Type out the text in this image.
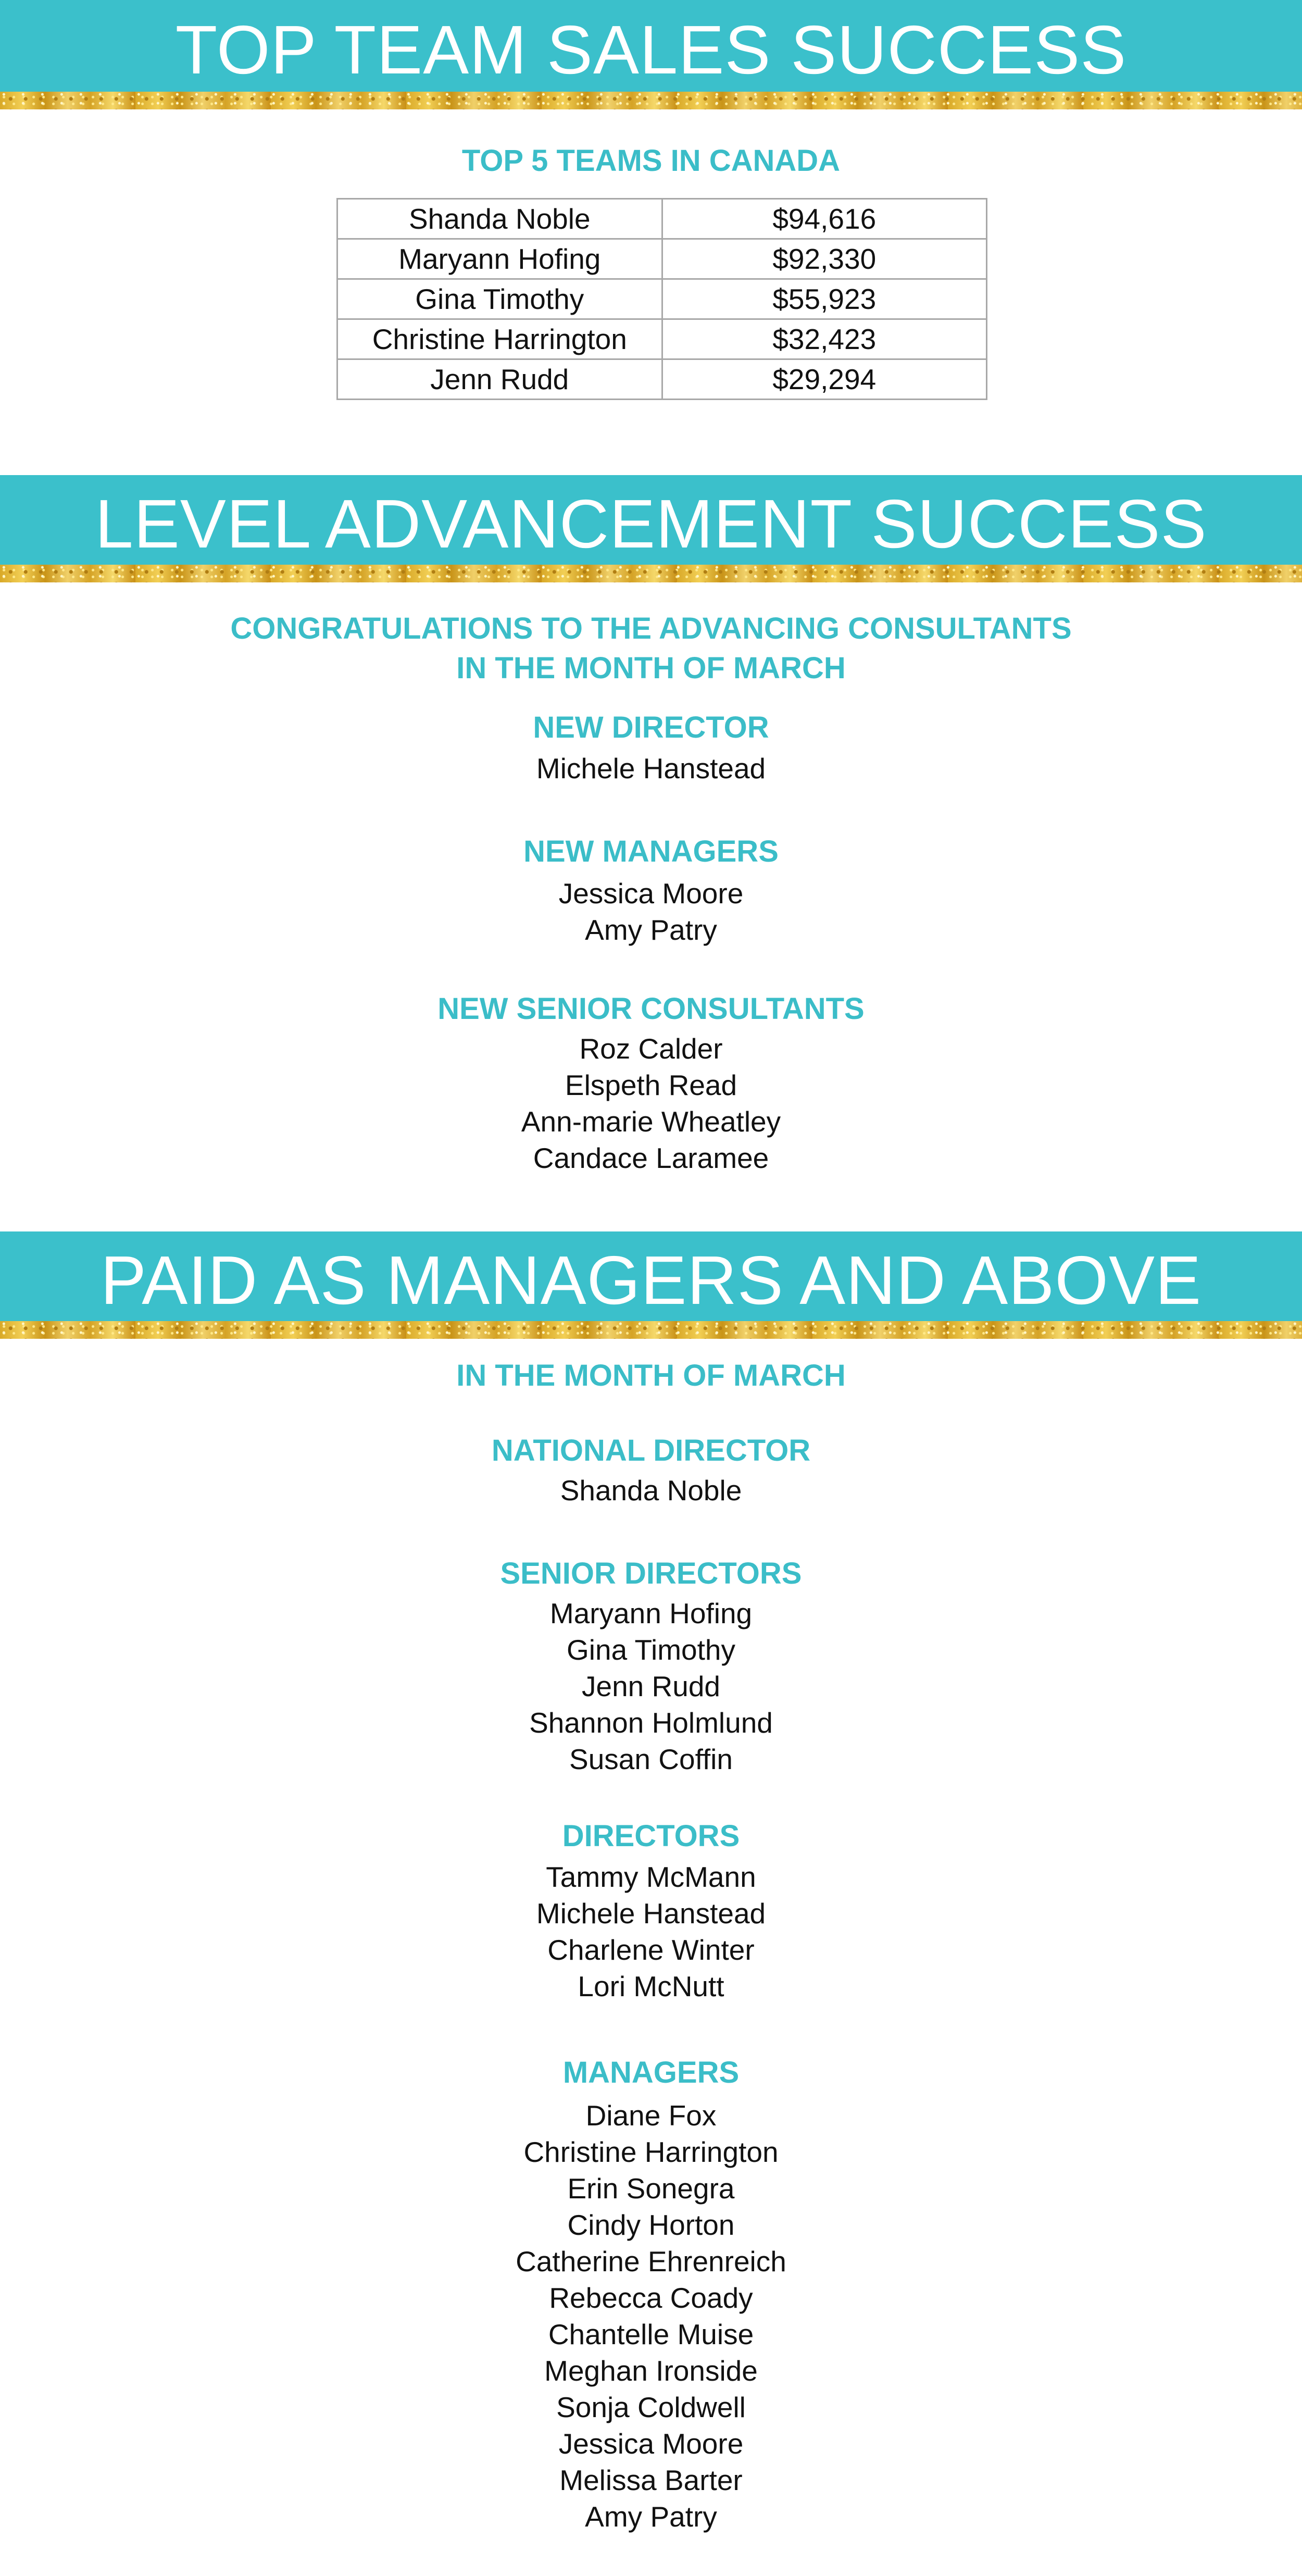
TOP TEAM SALES SUCCESS
TOP 5 TEAMS IN CANADA
Shanda Noble	$94,616
Maryann Hofing	$92,330
Gina Timothy	$55,923
Christine Harrington	$32,423
Jenn Rudd	$29,294
LEVEL ADVANCEMENT SUCCESS
CONGRATULATIONS TO THE ADVANCING CONSULTANTS
IN THE MONTH OF MARCH
NEW DIRECTOR
Michele Hanstead
NEW MANAGERS
Jessica Moore
Amy Patry
NEW SENIOR CONSULTANTS
Roz Calder
Elspeth Read
Ann-marie Wheatley
Candace Laramee
PAID AS MANAGERS AND ABOVE
IN THE MONTH OF MARCH
NATIONAL DIRECTOR
Shanda Noble
SENIOR DIRECTORS
Maryann Hofing
Gina Timothy
Jenn Rudd
Shannon Holmlund
Susan Coffin
DIRECTORS
Tammy McMann
Michele Hanstead
Charlene Winter
Lori McNutt
MANAGERS
Diane Fox
Christine Harrington
Erin Sonegra
Cindy Horton
Catherine Ehrenreich
Rebecca Coady
Chantelle Muise
Meghan Ironside
Sonja Coldwell
Jessica Moore
Melissa Barter
Amy Patry
